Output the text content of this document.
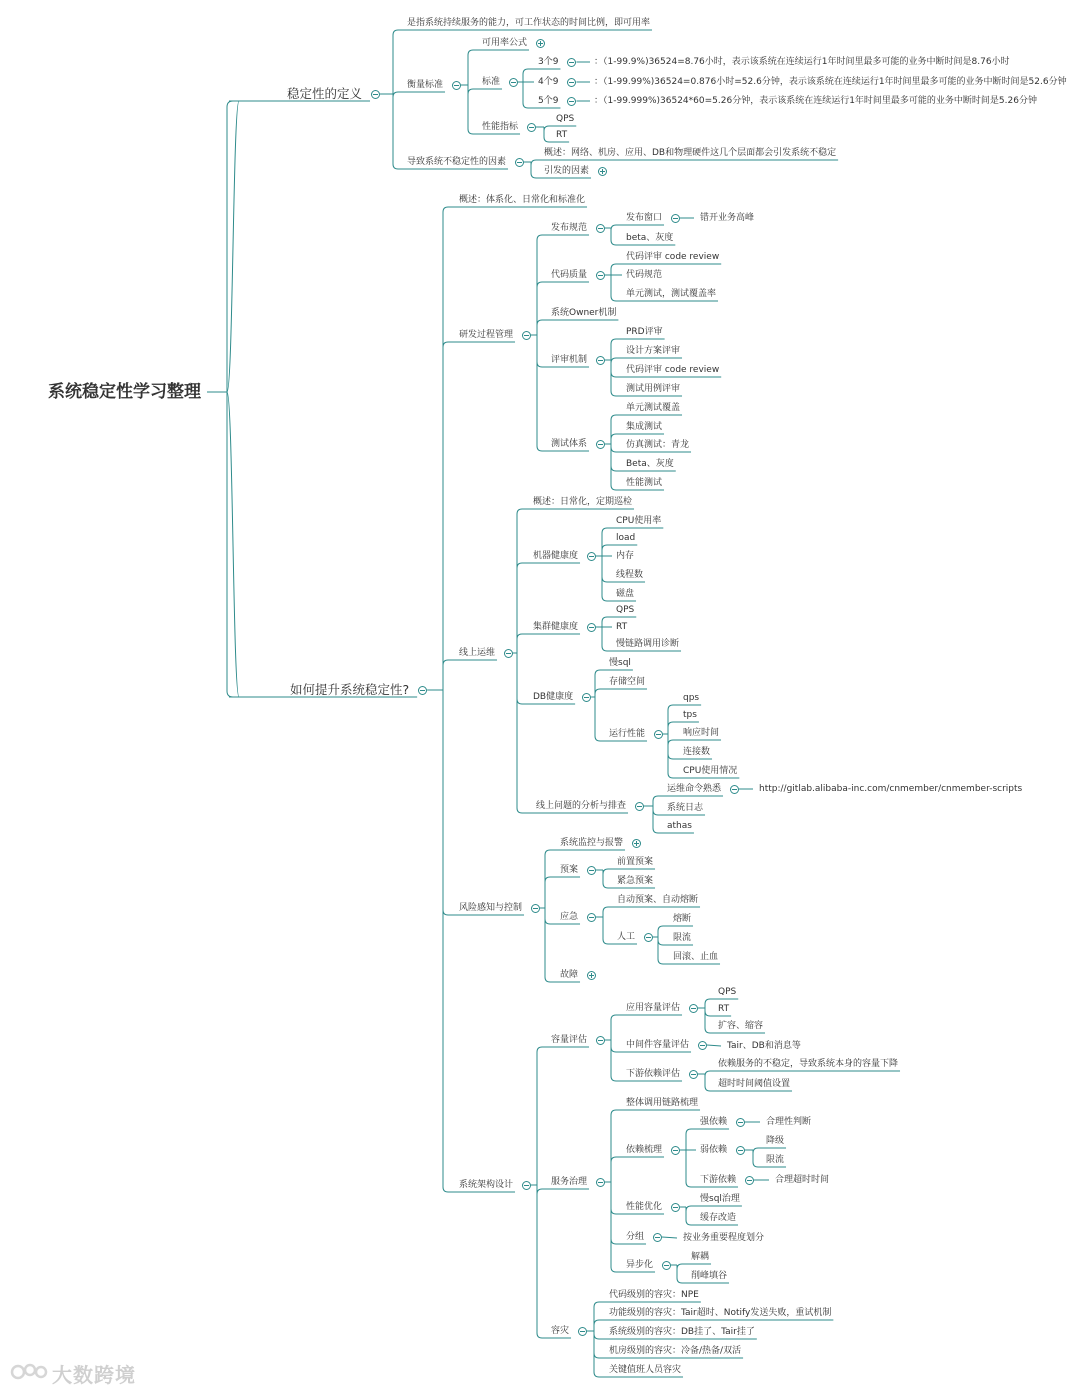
系统稳定性学习整理
稳定性的定义
是指系统持续服务的能力，可工作状态的时间比例，即可用率
衡量标准
可用率公式
标准
3个9	：（1-99.9%)36524=8.76小时，表示该系统在连续运行1年时间里最多可能的业务中断时间是8.76小时
4个9	：（1-99.99%)36524=0.876小时=52.6分钟，表示该系统在连续运行1年时间里最多可能的业务中断时间是52.6分钟
5个9	：（1-99.999%)36524*60=5.26分钟，表示该系统在连续运行1年时间里最多可能的业务中断时间是5.26分钟
性能指标
QPS
RT
导致系统不稳定性的因素
概述：网络、机房、应用、DB和物理硬件这几个层面都会引发系统不稳定
引发的因素
如何提升系统稳定性?
概述：体系化、日常化和标准化
研发过程管理
发布规范
发布窗口	错开业务高峰
beta、灰度
代码质量
代码评审 code review
代码规范
单元测试，测试覆盖率
系统Owner机制
评审机制
PRD评审
设计方案评审
代码评审 code review
测试用例评审
测试体系
单元测试覆盖
集成测试
仿真测试：青龙
Beta、灰度
性能测试
线上运维
概述：日常化，定期巡检
机器健康度
CPU使用率
load
内存
线程数
磁盘
集群健康度
QPS
RT
慢链路调用诊断
DB健康度
慢sql
存储空间
运行性能
qps
tps
响应时间
连接数
CPU使用情况
线上问题的分析与排查
运维命令熟悉	http://gitlab.alibaba-inc.com/cnmember/cnmember-scripts
系统日志
athas
风险感知与控制
系统监控与报警
预案
前置预案
紧急预案
应急
自动预案、自动熔断
人工
熔断
限流
回滚、止血
故障
系统架构设计
容量评估
应用容量评估
QPS
RT
扩容、缩容
中间件容量评估	Tair、DB和消息等
下游依赖评估
依赖服务的不稳定，导致系统本身的容量下降
超时时间阈值设置
服务治理
整体调用链路梳理
依赖梳理
强依赖	合理性判断
弱依赖
降级
限流
下游依赖	合理超时时间
性能优化
慢sql治理
缓存改造
分组	按业务重要程度划分
异步化
解耦
削峰填谷
容灾
代码级别的容灾：NPE
功能级别的容灾：Tair超时、Notify发送失败，重试机制
系统级别的容灾：DB挂了、Tair挂了
机房级别的容灾：冷备/热备/双活
关键值班人员容灾
大数跨境
